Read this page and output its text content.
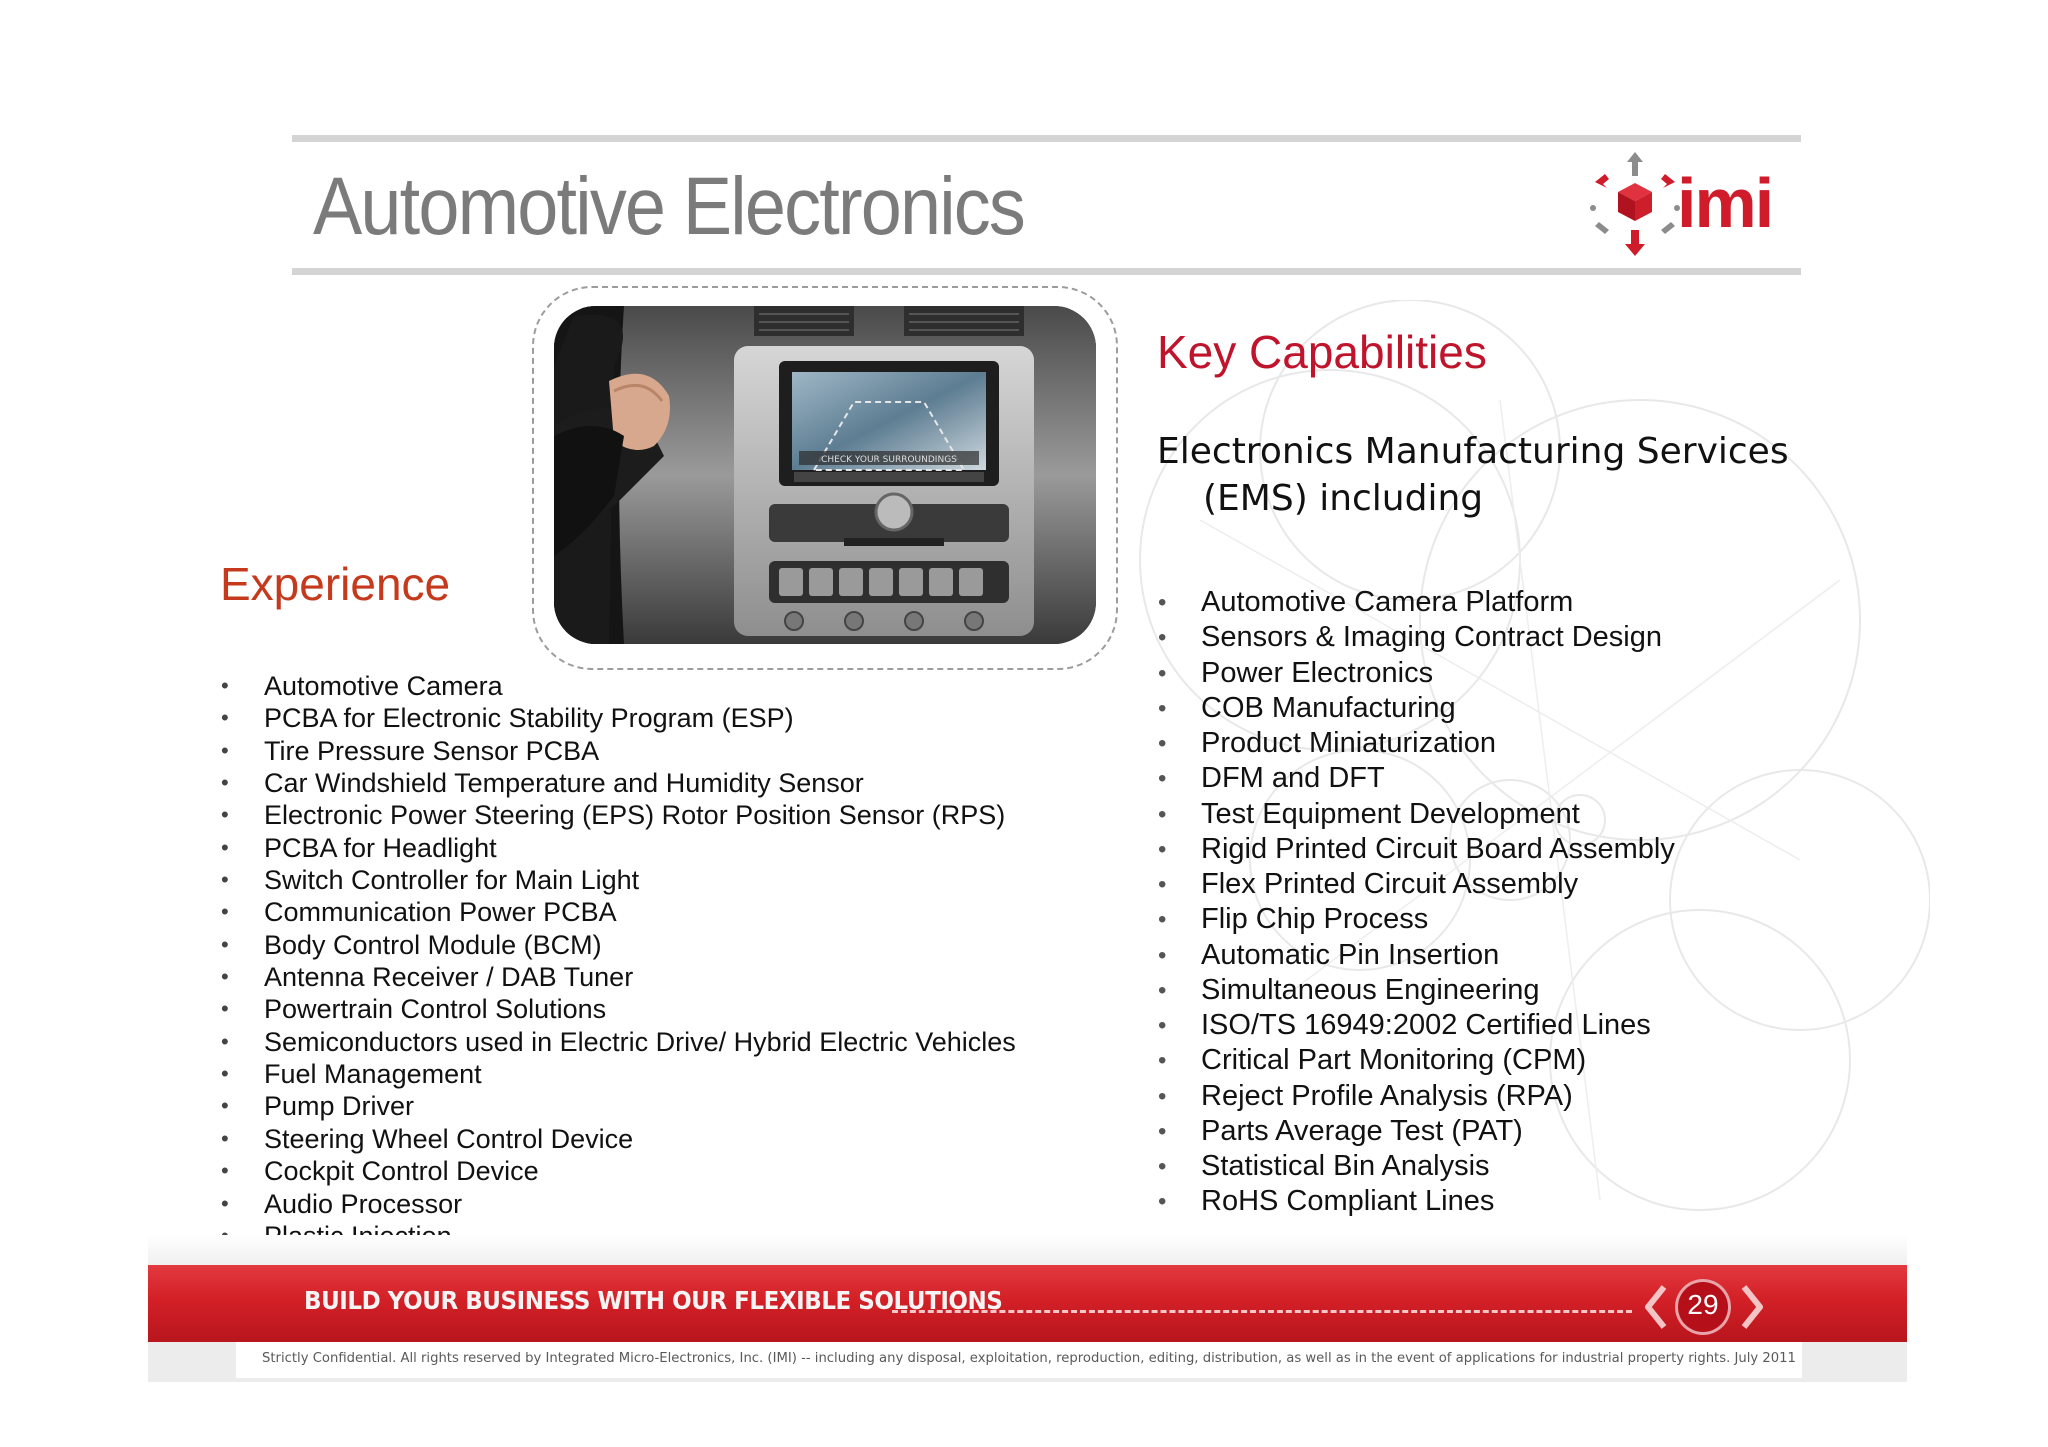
Automotive Electronics	imi
CHECK YOUR SURROUNDINGS
Experience
• Automotive Camera
• PCBA for Electronic Stability Program (ESP)
• Tire Pressure Sensor PCBA
• Car Windshield Temperature and Humidity Sensor
• Electronic Power Steering (EPS) Rotor Position Sensor (RPS)
• PCBA for Headlight
• Switch Controller for Main Light
• Communication Power PCBA
• Body Control Module (BCM)
• Antenna Receiver / DAB Tuner
• Powertrain Control Solutions
• Semiconductors used in Electric Drive/ Hybrid Electric Vehicles
• Fuel Management
• Pump Driver
• Steering Wheel Control Device
• Cockpit Control Device
• Audio Processor
Key Capabilities

Electronics Manufacturing Services (EMS) including

• Automotive Camera Platform
• Sensors & Imaging Contract Design
• Power Electronics
• COB Manufacturing
• Product Miniaturization
• DFM and DFT
• Test Equipment Development
• Rigid Printed Circuit Board Assembly
• Flex Printed Circuit Assembly
• Flip Chip Process
• Automatic Pin Insertion
• Simultaneous Engineering
• ISO/TS 16949:2002 Certified Lines
• Critical Part Monitoring (CPM)
• Reject Profile Analysis (RPA)
• Parts Average Test (PAT)
• Statistical Bin Analysis
• RoHS Compliant Lines

BUILD YOUR BUSINESS WITH OUR FLEXIBLE SOLUTIONS	29

Strictly Confidential. All rights reserved by Integrated Micro-Electronics, Inc. (IMI) -- including any disposal, exploitation, reproduction, editing, distribution, as well as in the event of applications for industrial property rights. July 2011
